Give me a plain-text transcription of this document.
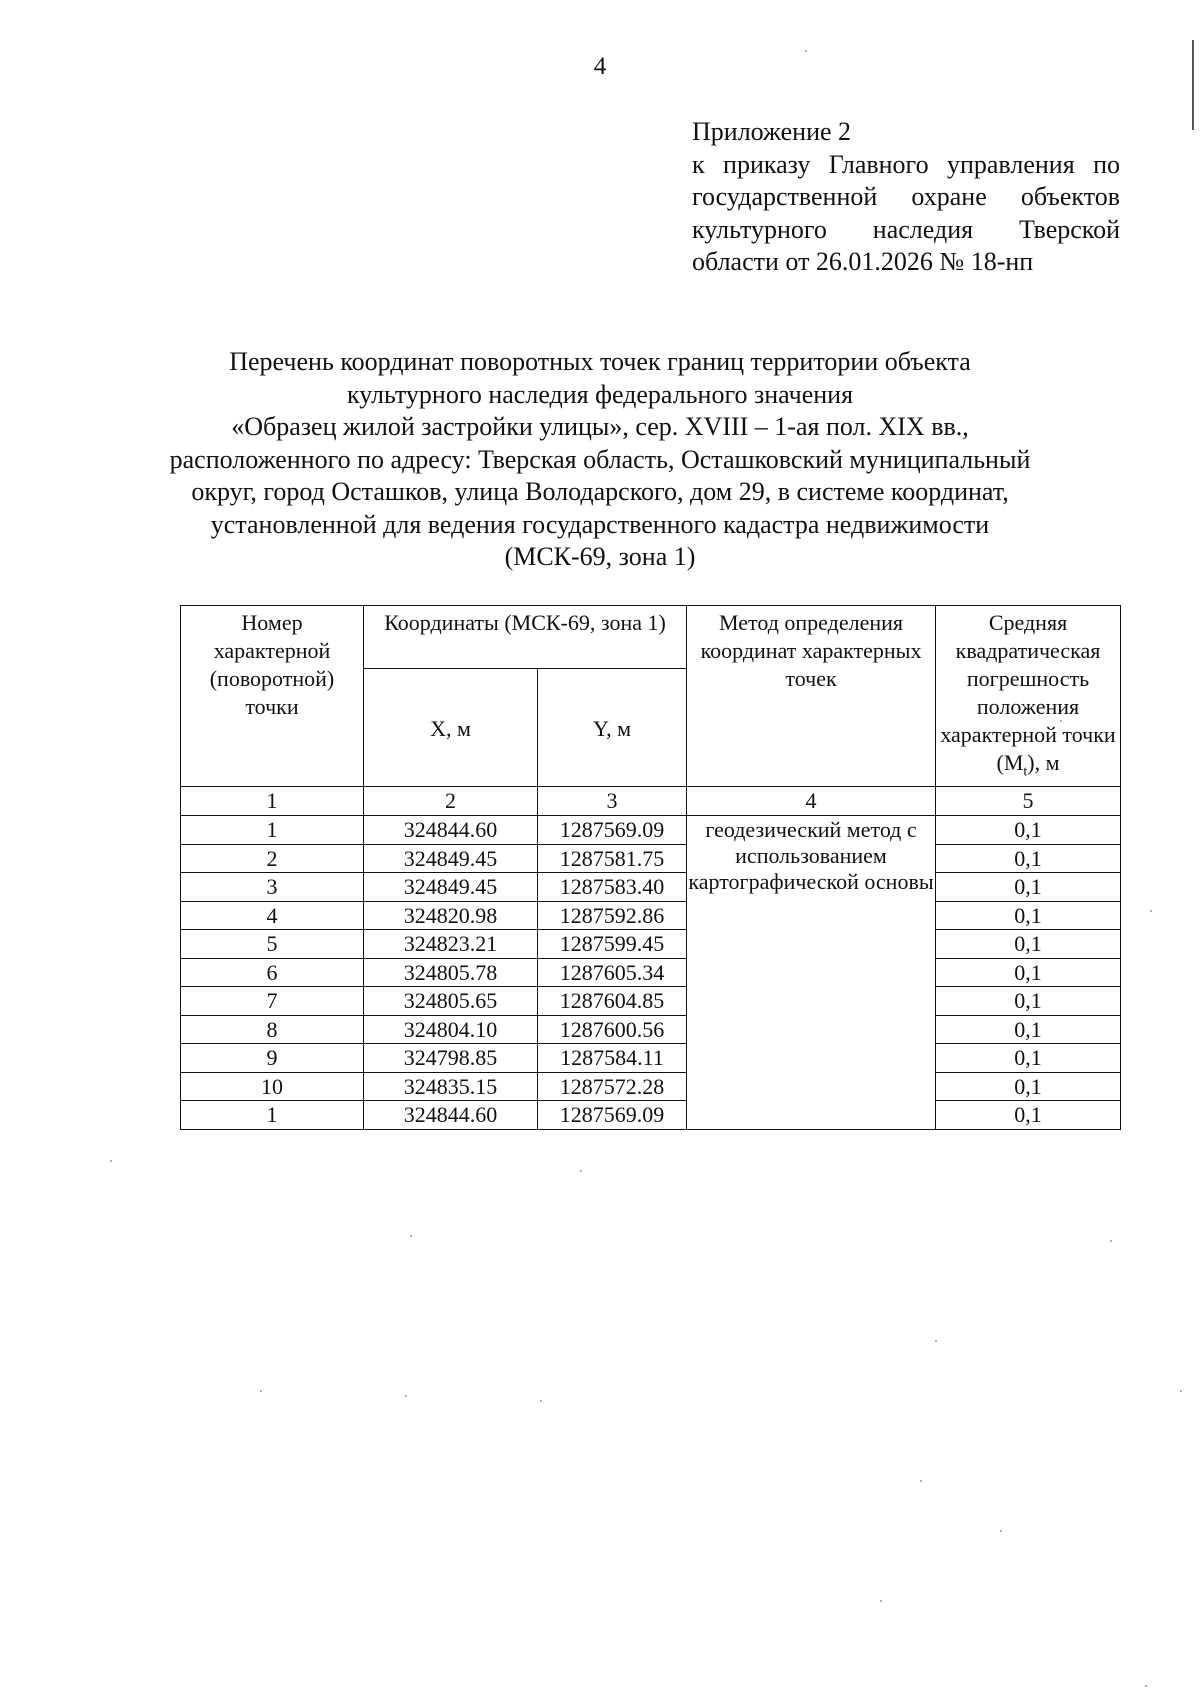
4
Приложение 2
к приказу Главного управления по
государственной охране объектов
культурного наследия Тверской
области от 26.01.2026 № 18-нп
Перечень координат поворотных точек границ территории объекта
культурного наследия федерального значения
«Образец жилой застройки улицы», сер. XVIII – 1-ая пол. XIX вв.,
расположенного по адресу: Тверская область, Осташковский муниципальный
округ, город Осташков, улица Володарского, дом 29, в системе координат,
установленной для ведения государственного кадастра недвижимости
(МСК-69, зона 1)
Номер характерной (поворотной) точки	Координаты (МСК-69, зона 1)		Метод определения координат характерных точек	Средняя квадратическая погрешность положения характерной точки $(M_t)$, м
	X, м	Y, м		
1	2	3	4	5
1	324844.60	1287569.09	геодезический метод с использованием картографической основы	0,1
2	324849.45	1287581.75		0,1
3	324849.45	1287583.40		0,1
4	324820.98	1287592.86		0,1
5	324823.21	1287599.45		0,1
6	324805.78	1287605.34		0,1
7	324805.65	1287604.85		0,1
8	324804.10	1287600.56		0,1
9	324798.85	1287584.11		0,1
10	324835.15	1287572.28		0,1
1	324844.60	1287569.09		0,1
